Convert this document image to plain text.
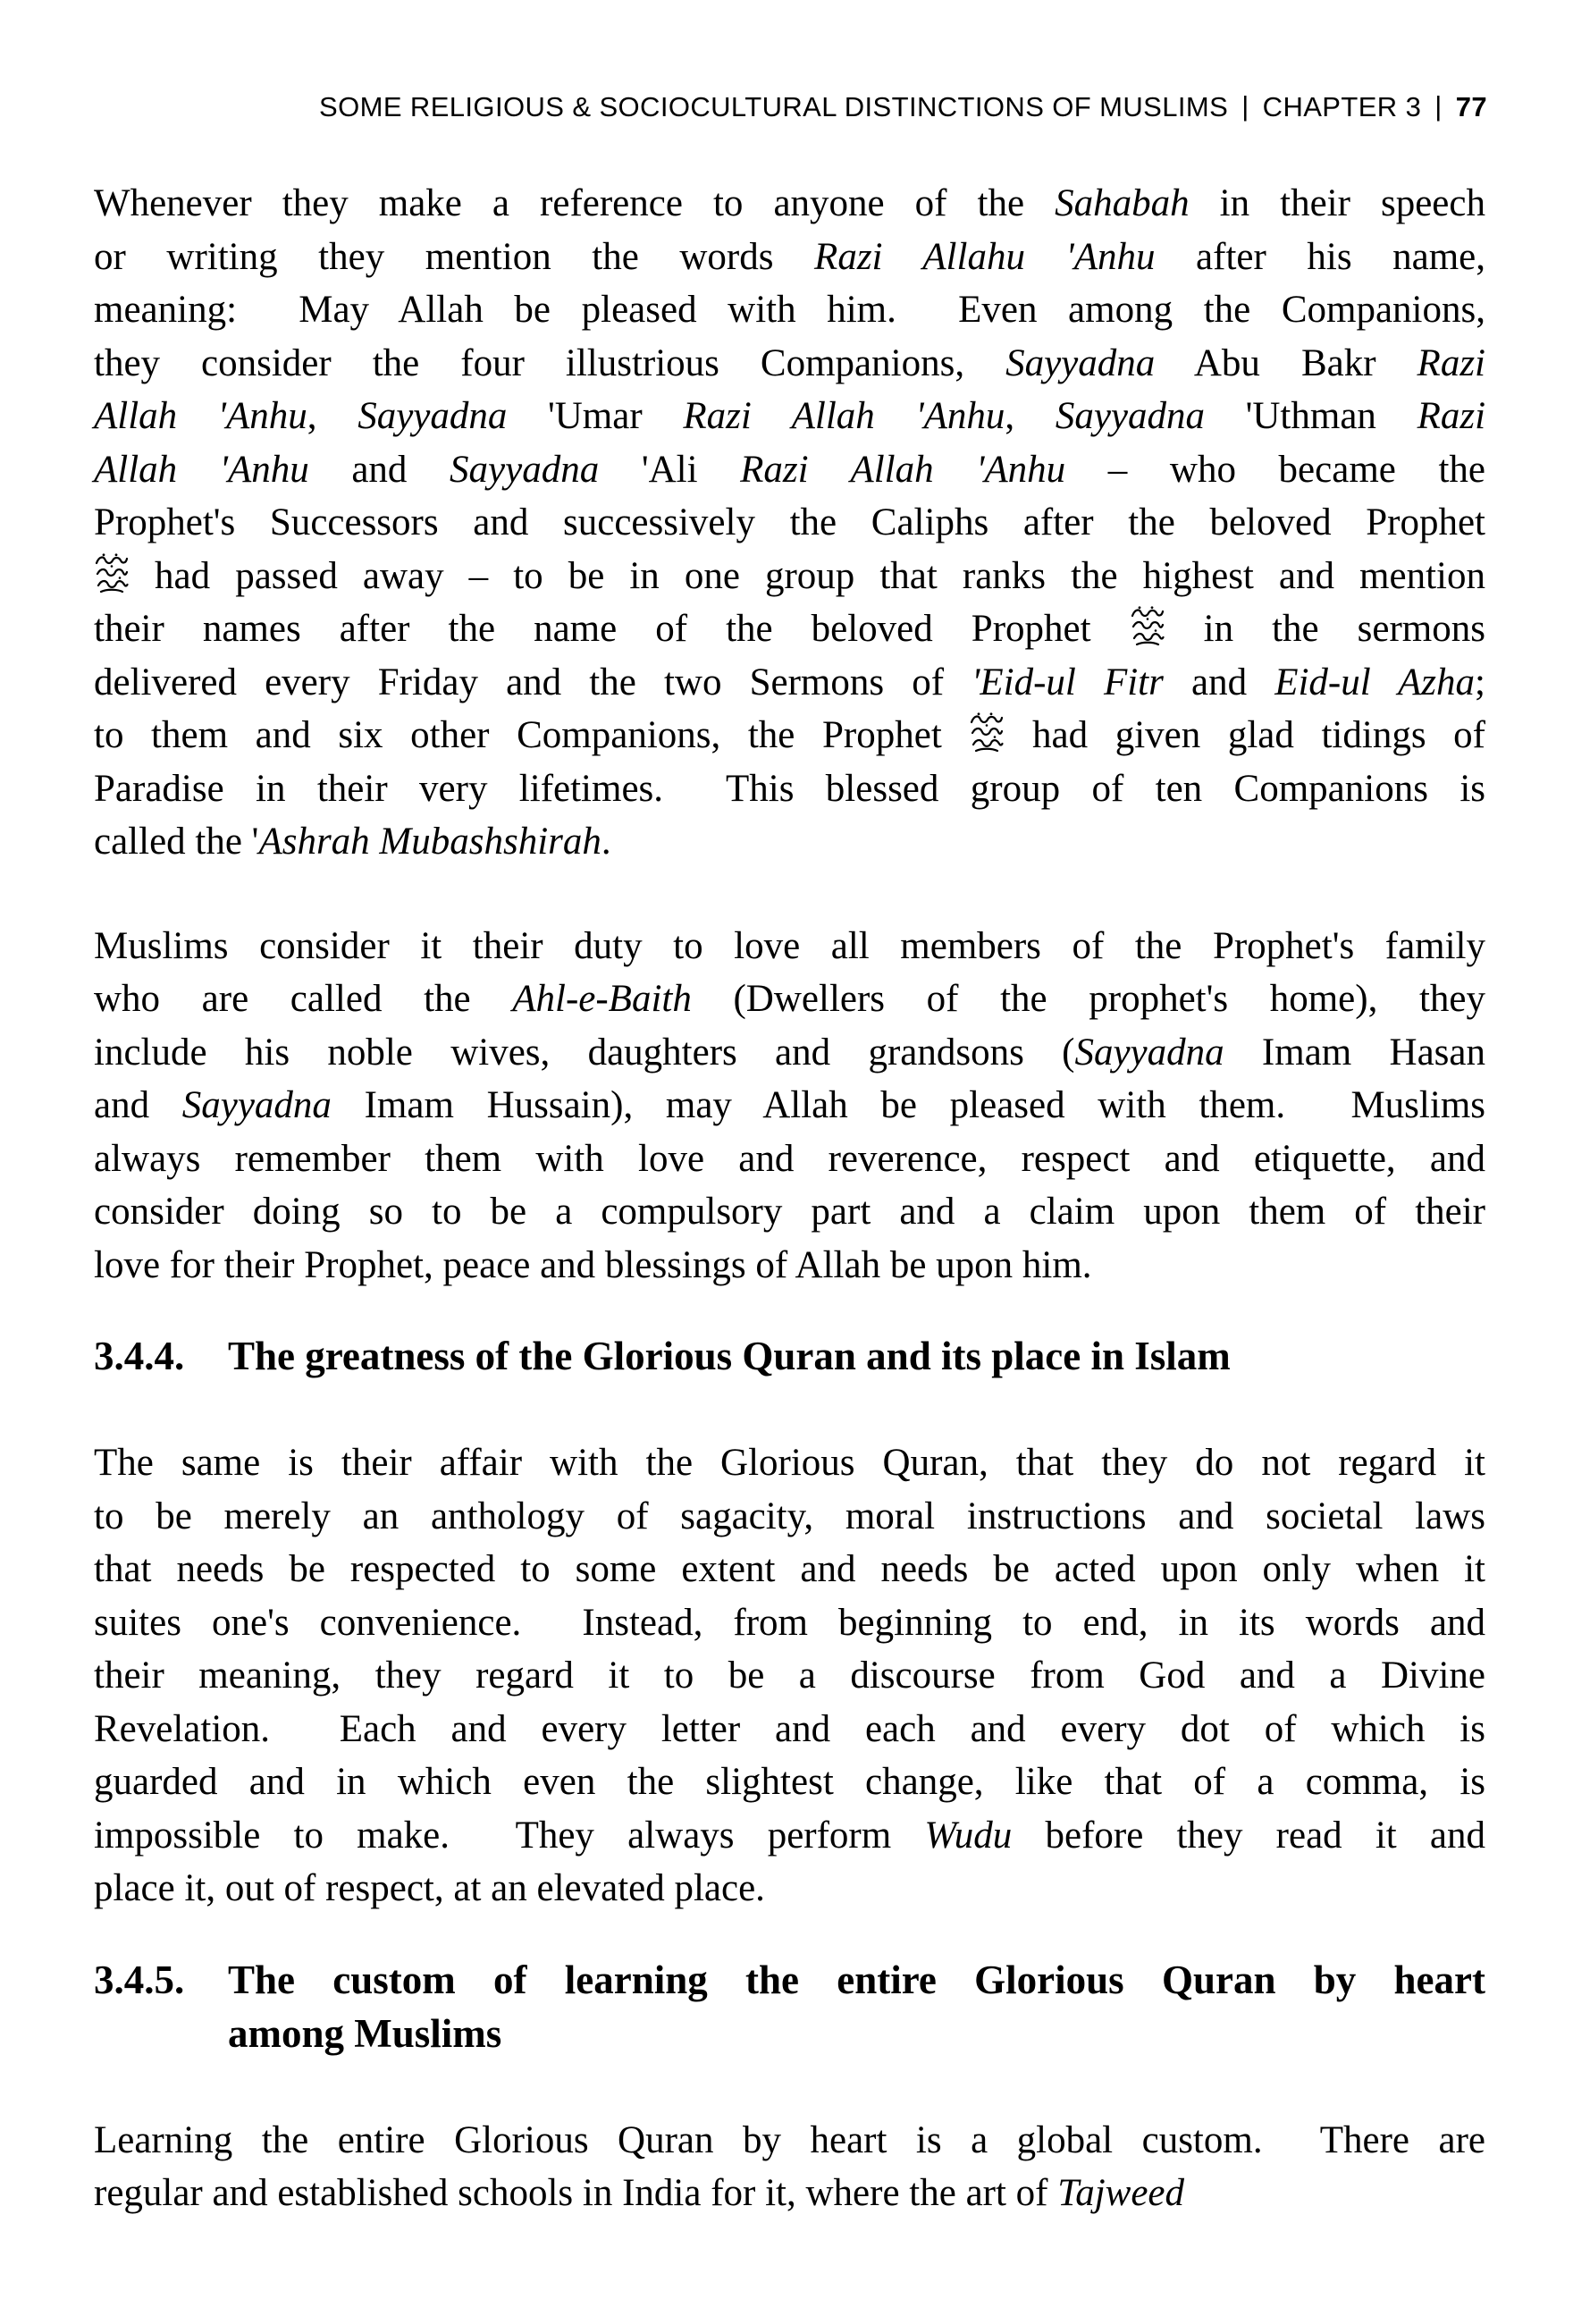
SOME RELIGIOUS & SOCIOCULTURAL DISTINCTIONS OF MUSLIMS | CHAPTER 3 | 77
Whenever they make a reference to anyone of the Sahabah in their speech
or writing they mention the words Razi Allahu 'Anhu after his name,
meaning:  May Allah be pleased with him.  Even among the Companions,
they consider the four illustrious Companions, Sayyadna Abu Bakr Razi
Allah 'Anhu, Sayyadna 'Umar Razi Allah 'Anhu, Sayyadna 'Uthman Razi
Allah 'Anhu and Sayyadna 'Ali Razi Allah 'Anhu – who became the
Prophet's Successors and successively the Caliphs after the beloved Prophet
had passed away – to be in one group that ranks the highest and mention
their names after the name of the beloved Prophet
in the sermons
delivered every Friday and the two Sermons of 'Eid-ul Fitr and Eid-ul Azha;
to them and six other Companions, the Prophet
had given glad tidings of
Paradise in their very lifetimes.  This blessed group of ten Companions is
called the 'Ashrah Mubashshirah.
Muslims consider it their duty to love all members of the Prophet's family
who are called the Ahl-e-Baith (Dwellers of the prophet's home), they
include his noble wives, daughters and grandsons (Sayyadna Imam Hasan
and Sayyadna Imam Hussain), may Allah be pleased with them.  Muslims
always remember them with love and reverence, respect and etiquette, and
consider doing so to be a compulsory part and a claim upon them of their
love for their Prophet, peace and blessings of Allah be upon him.
3.4.4. The greatness of the Glorious Quran and its place in Islam
The same is their affair with the Glorious Quran, that they do not regard it
to be merely an anthology of sagacity, moral instructions and societal laws
that needs be respected to some extent and needs be acted upon only when it
suites one's convenience.  Instead, from beginning to end, in its words and
their meaning, they regard it to be a discourse from God and a Divine
Revelation.  Each and every letter and each and every dot of which is
guarded and in which even the slightest change, like that of a comma, is
impossible to make.  They always perform Wudu before they read it and
place it, out of respect, at an elevated place.
3.4.5. The custom of learning the entire Glorious Quran by heart
among Muslims
Learning the entire Glorious Quran by heart is a global custom.  There are
regular and established schools in India for it, where the art of Tajweed
